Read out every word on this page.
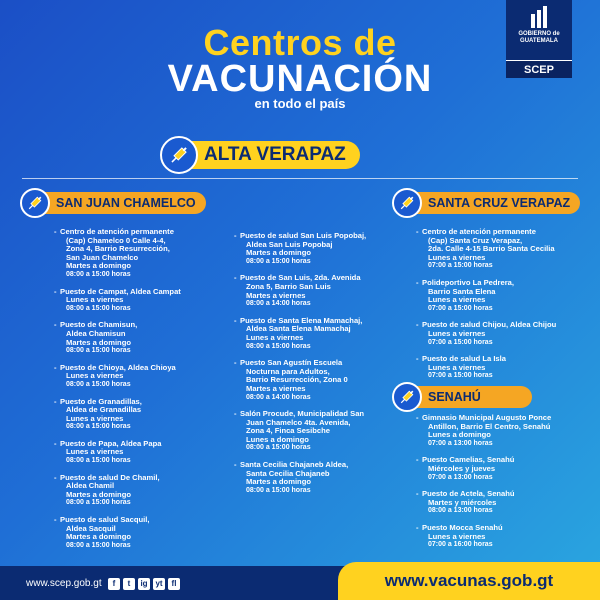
GOBIERNO de
GUATEMALA
SCEP
Centros de
VACUNACIÓN
en todo el país
ALTA VERAPAZ
SAN JUAN CHAMELCO	SANTA CRUZ VERAPAZ
SENAHÚ
- Centro de atención permanente
(Cap) Chamelco 0 Calle 4-4,
Zona 4, Barrio Resurrección,
San Juan Chamelco
Martes a domingo
08:00 a 15:00 horas
- Puesto de Campat, Aldea Campat
Lunes a viernes
08:00 a 15:00 horas
- Puesto de Chamisun,
Aldea Chamisun
Martes a domingo
08:00 a 15:00 horas
- Puesto de Chioya, Aldea Chioya
Lunes a viernes
08:00 a 15:00 horas
- Puesto de Granadillas,
Aldea de Granadillas
Lunes a viernes
08:00 a 15:00 horas
- Puesto de Papa, Aldea Papa
Lunes a viernes
08:00 a 15:00 horas
- Puesto de salud De Chamil,
Aldea Chamil
Martes a domingo
08:00 a 15:00 horas
- Puesto de salud Sacquil,
Aldea Sacquil
Martes a domingo
08:00 a 15:00 horas
- Puesto de salud San Luis Popobaj,
Aldea San Luis Popobaj
Martes a domingo
08:00 a 15:00 horas
- Puesto de San Luis, 2da. Avenida
Zona 5, Barrio San Luis
Martes a viernes
08:00 a 14:00 horas
- Puesto de Santa Elena Mamachaj,
Aldea Santa Elena Mamachaj
Lunes a viernes
08:00 a 15:00 horas
- Puesto San Agustín Escuela
Nocturna para Adultos,
Barrio Resurrección, Zona 0
Martes a viernes
08:00 a 14:00 horas
- Salón Procude, Municipalidad San
Juan Chamelco 4ta. Avenida,
Zona 4, Finca Sesibche
Lunes a domingo
08:00 a 15:00 horas
- Santa Cecilia Chajaneb Aldea,
Santa Cecilia Chajaneb
Martes a domingo
08:00 a 15:00 horas
- Centro de atención permanente
(Cap) Santa Cruz Verapaz,
2da. Calle 4-15 Barrio Santa Cecilia
Lunes a viernes
07:00 a 15:00 horas
- Polideportivo La Pedrera,
Barrio Santa Elena
Lunes a viernes
07:00 a 15:00 horas
- Puesto de salud Chijou, Aldea Chijou
Lunes a viernes
07:00 a 15:00 horas
- Puesto de salud La Isla
Lunes a viernes
07:00 a 15:00 horas
- Gimnasio Municipal Augusto Ponce
Antillon, Barrio El Centro, Senahú
Lunes a domingo
07:00 a 13:00 horas
- Puesto Camelias, Senahú
Miércoles y jueves
07:00 a 13:00 horas
- Puesto de Actela, Senahú
Martes y miércoles
08:00 a 13:00 horas
- Puesto Mocca Senahú
Lunes a viernes
07:00 a 16:00 horas
www.scep.gob.gt	f	t	ig yt	fl	www.vacunas.gob.gt
